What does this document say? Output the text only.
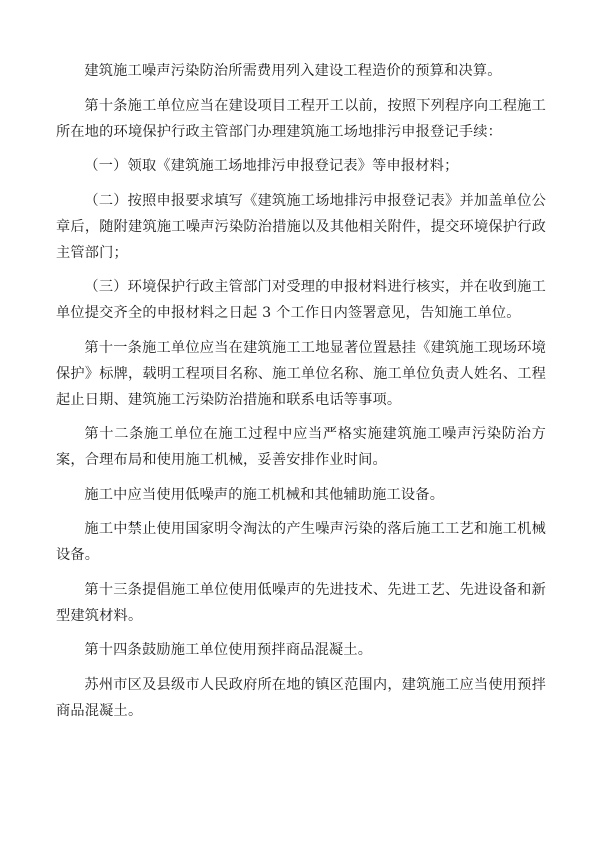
建筑施工噪声污染防治所需费用列入建设工程造价的预算和决算。

第十条施工单位应当在建设项目工程开工以前，按照下列程序向工程施工所在地的环境保护行政主管部门办理建筑施工场地排污申报登记手续：

（一）领取《建筑施工场地排污申报登记表》等申报材料；

（二）按照申报要求填写《建筑施工场地排污申报登记表》并加盖单位公章后，随附建筑施工噪声污染防治措施以及其他相关附件，提交环境保护行政主管部门；

（三）环境保护行政主管部门对受理的申报材料进行核实，并在收到施工单位提交齐全的申报材料之日起 3 个工作日内签署意见，告知施工单位。

第十一条施工单位应当在建筑施工工地显著位置悬挂《建筑施工现场环境保护》标牌，载明工程项目名称、施工单位名称、施工单位负责人姓名、工程起止日期、建筑施工污染防治措施和联系电话等事项。

第十二条施工单位在施工过程中应当严格实施建筑施工噪声污染防治方案，合理布局和使用施工机械，妥善安排作业时间。

施工中应当使用低噪声的施工机械和其他辅助施工设备。

施工中禁止使用国家明令淘汰的产生噪声污染的落后施工工艺和施工机械设备。

第十三条提倡施工单位使用低噪声的先进技术、先进工艺、先进设备和新型建筑材料。

第十四条鼓励施工单位使用预拌商品混凝土。

苏州市区及县级市人民政府所在地的镇区范围内，建筑施工应当使用预拌商品混凝土。
